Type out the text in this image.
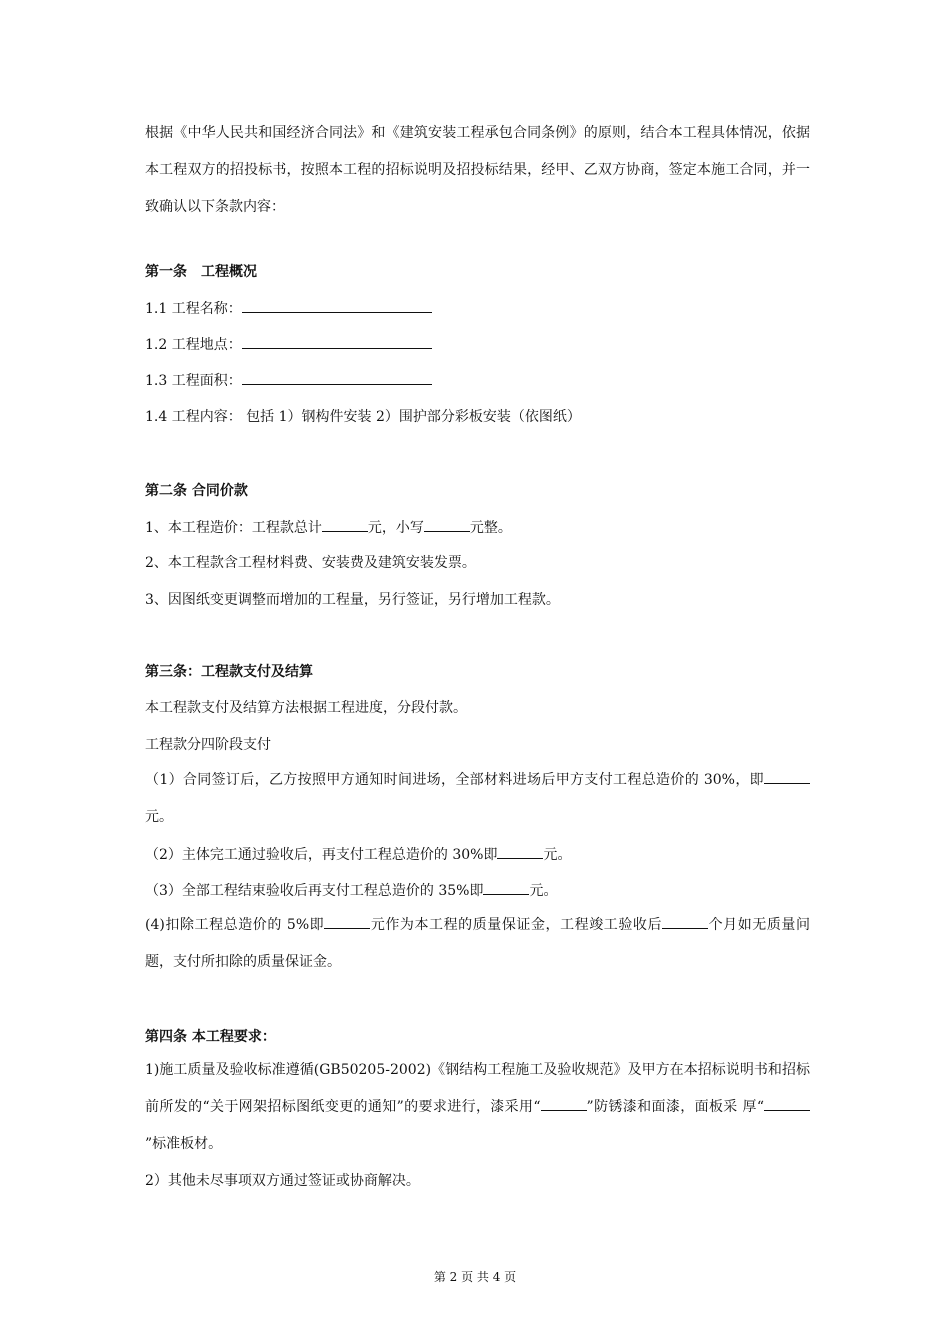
根据《中华人民共和国经济合同法》和《建筑安装工程承包合同条例》的原则，结合本工程具体情况，依据本工程双方的招投标书，按照本工程的招标说明及招投标结果，经甲、乙双方协商，签定本施工合同，并一致确认以下条款内容：

第一条　工程概况

1.1 工程名称：

1.2 工程地点：

1.3 工程面积：

1.4 工程内容： 包括 1）钢构件安装 2）围护部分彩板安装（依图纸）

第二条 合同价款

1、本工程造价：工程款总计	元，小写	元整。

2、本工程款含工程材料费、安装费及建筑安装发票。

3、因图纸变更调整而增加的工程量，另行签证，另行增加工程款。

第三条：工程款支付及结算

本工程款支付及结算方法根据工程进度，分段付款。

工程款分四阶段支付

（1）合同签订后，乙方按照甲方通知时间进场，全部材料进场后甲方支付工程总造价的 30%，即元。

（2）主体完工通过验收后，再支付工程总造价的 30%即	元。

（3）全部工程结束验收后再支付工程总造价的 35%即	元。

(4)扣除工程总造价的 5%即	元作为本工程的质量保证金，工程竣工验收后	个月如无质量问题，支付所扣除的质量保证金。

第四条 本工程要求：

1)施工质量及验收标准遵循(GB50205-2002)《钢结构工程施工及验收规范》及甲方在本招标说明书和招标前所发的“关于网架招标图纸变更的通知”的要求进行，漆采用“	”防锈漆和面漆，面板采 厚“”标准板材。

2）其他未尽事项双方通过签证或协商解决。

第 2 页 共 4 页
